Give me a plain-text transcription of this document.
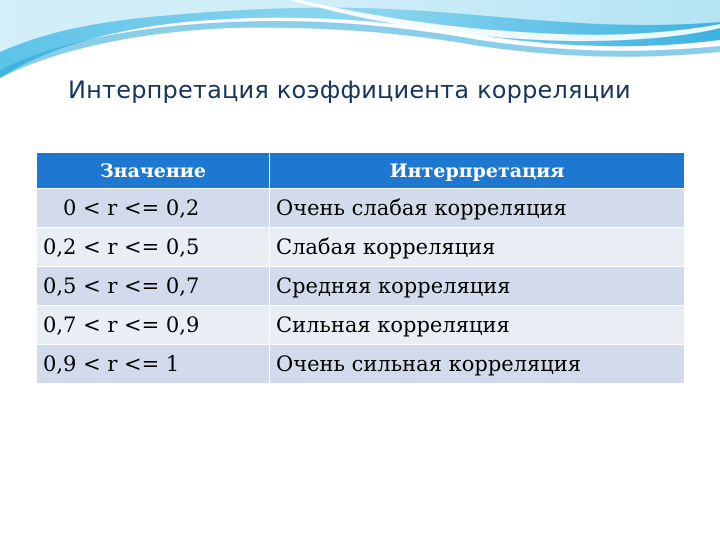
Интерпретация коэффициента корреляции
Значение	Интерпретация
0 < r <= 0,2	Очень слабая корреляция
0,2 < r <= 0,5	Слабая корреляция
0,5 < r <= 0,7	Средняя корреляция
0,7 < r <= 0,9	Сильная корреляция
0,9 < r <= 1	Очень сильная корреляция
